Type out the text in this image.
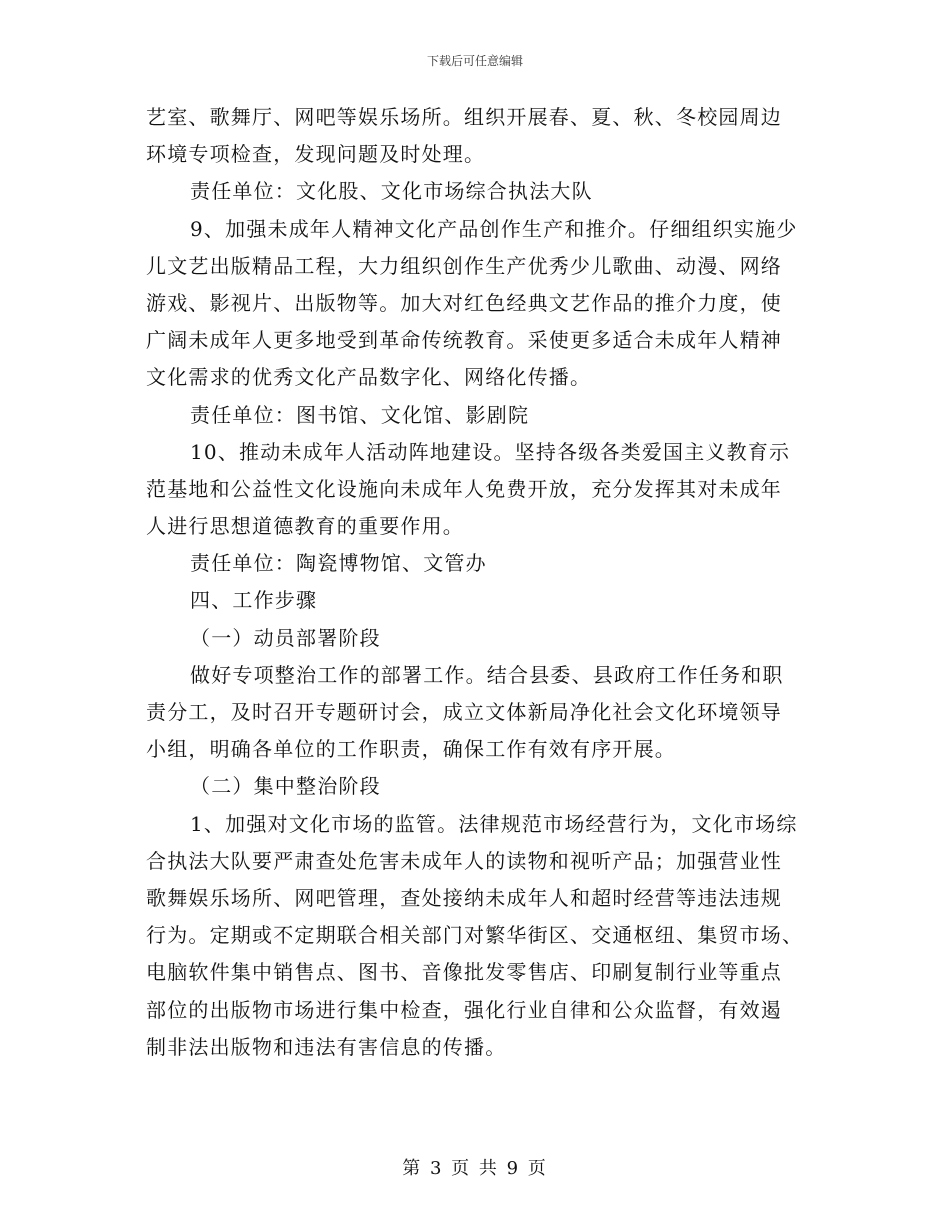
下载后可任意编辑
艺室、歌舞厅、网吧等娱乐场所。组织开展春、夏、秋、冬校园周边
环境专项检查，发现问题及时处理。
责任单位：文化股、文化市场综合执法大队
9、加强未成年人精神文化产品创作生产和推介。仔细组织实施少
儿文艺出版精品工程，大力组织创作生产优秀少儿歌曲、动漫、网络
游戏、影视片、出版物等。加大对红色经典文艺作品的推介力度，使
广阔未成年人更多地受到革命传统教育。采使更多适合未成年人精神
文化需求的优秀文化产品数字化、网络化传播。
责任单位：图书馆、文化馆、影剧院
10、推动未成年人活动阵地建设。坚持各级各类爱国主义教育示
范基地和公益性文化设施向未成年人免费开放，充分发挥其对未成年
人进行思想道德教育的重要作用。
责任单位：陶瓷博物馆、文管办
四、工作步骤
（一）动员部署阶段
做好专项整治工作的部署工作。结合县委、县政府工作任务和职
责分工，及时召开专题研讨会，成立文体新局净化社会文化环境领导
小组，明确各单位的工作职责，确保工作有效有序开展。
（二）集中整治阶段
1、加强对文化市场的监管。法律规范市场经营行为，文化市场综
合执法大队要严肃查处危害未成年人的读物和视听产品；加强营业性
歌舞娱乐场所、网吧管理，查处接纳未成年人和超时经营等违法违规
行为。定期或不定期联合相关部门对繁华街区、交通枢纽、集贸市场、
电脑软件集中销售点、图书、音像批发零售店、印刷复制行业等重点
部位的出版物市场进行集中检查，强化行业自律和公众监督，有效遏
制非法出版物和违法有害信息的传播。
第 3 页 共 9 页
